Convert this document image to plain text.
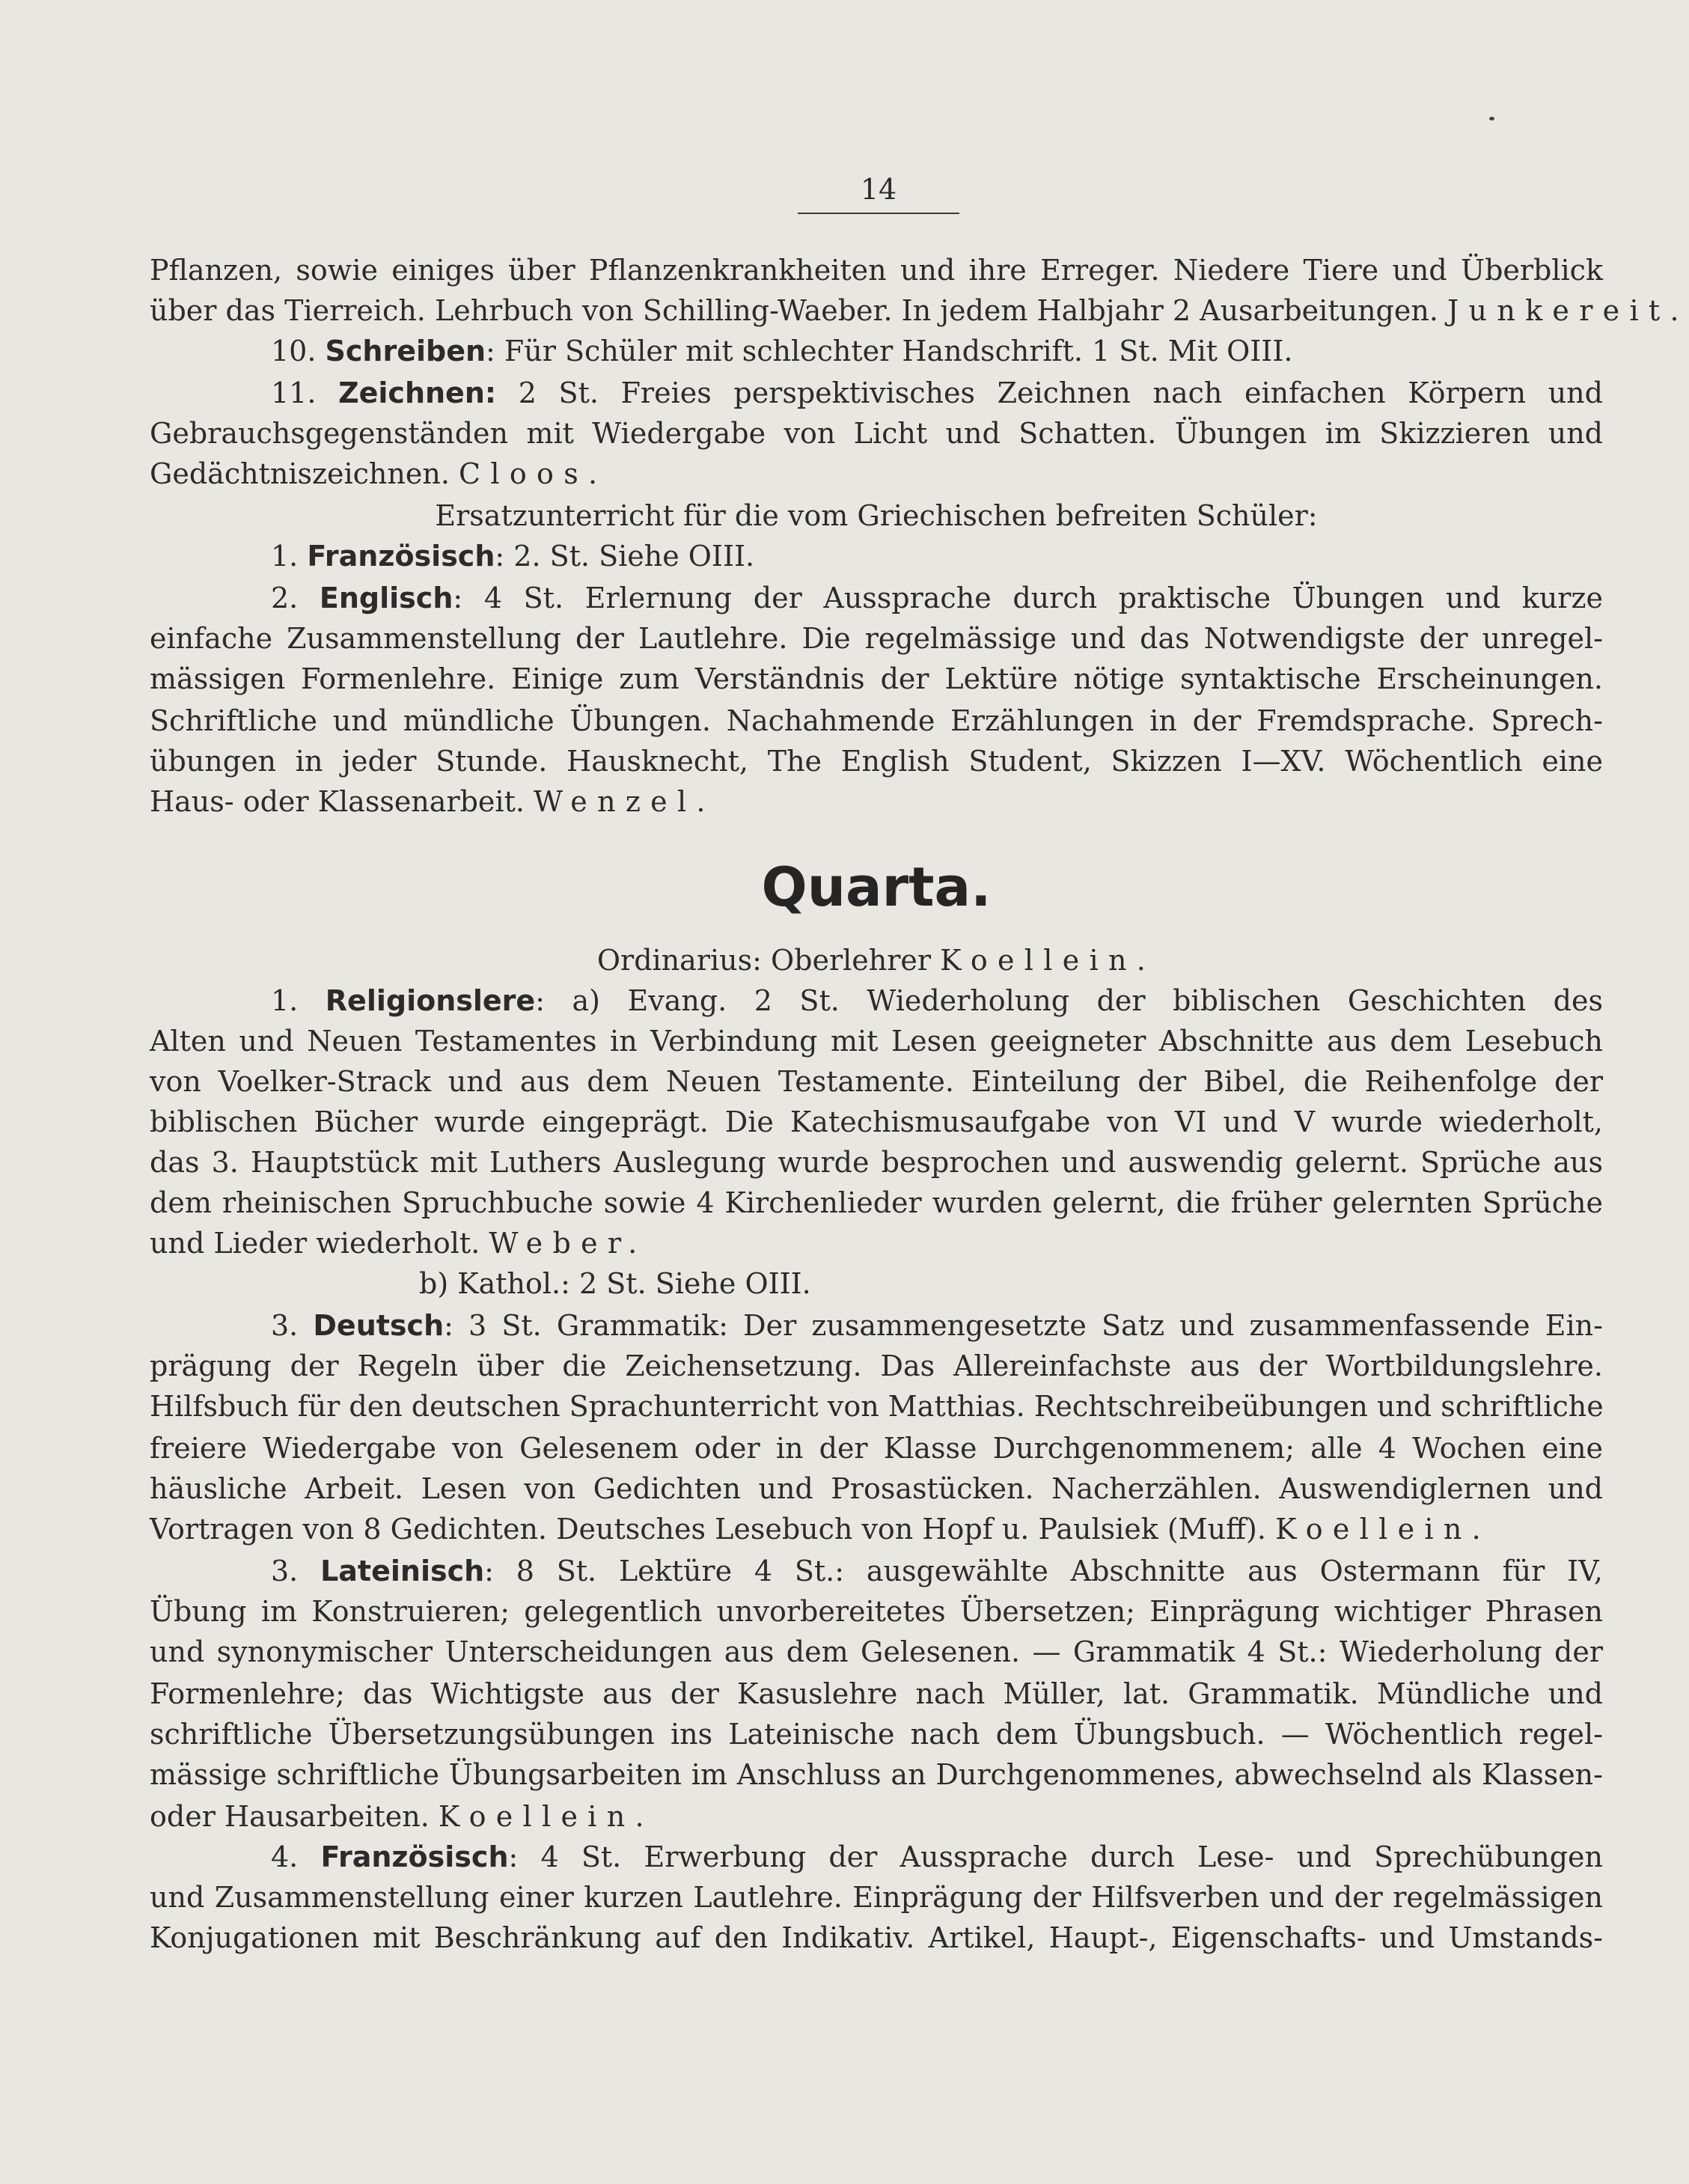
14
Pflanzen, sowie einiges über Pflanzenkrankheiten und ihre Erreger. Niedere Tiere und Überblick
über das Tierreich. Lehrbuch von Schilling-Waeber. In jedem Halbjahr 2 Ausarbeitungen. Junkereit.
10. Schreiben: Für Schüler mit schlechter Handschrift. 1 St. Mit OIII.
11. Zeichnen: 2 St. Freies perspektivisches Zeichnen nach einfachen Körpern und
Gebrauchsgegenständen mit Wiedergabe von Licht und Schatten. Übungen im Skizzieren und
Gedächtniszeichnen. Cloos.
Ersatzunterricht für die vom Griechischen befreiten Schüler:
1. Französisch: 2. St. Siehe OIII.
2. Englisch: 4 St. Erlernung der Aussprache durch praktische Übungen und kurze
einfache Zusammenstellung der Lautlehre. Die regelmässige und das Notwendigste der unregel-
mässigen Formenlehre. Einige zum Verständnis der Lektüre nötige syntaktische Erscheinungen.
Schriftliche und mündliche Übungen. Nachahmende Erzählungen in der Fremdsprache. Sprech-
übungen in jeder Stunde. Hausknecht, The English Student, Skizzen I—XV. Wöchentlich eine
Haus- oder Klassenarbeit. Wenzel.
Quarta.
Ordinarius: Oberlehrer Koellein.
1. Religionslere: a) Evang. 2 St. Wiederholung der biblischen Geschichten des
Alten und Neuen Testamentes in Verbindung mit Lesen geeigneter Abschnitte aus dem Lesebuch
von Voelker-Strack und aus dem Neuen Testamente. Einteilung der Bibel, die Reihenfolge der
biblischen Bücher wurde eingeprägt. Die Katechismusaufgabe von VI und V wurde wiederholt,
das 3. Hauptstück mit Luthers Auslegung wurde besprochen und auswendig gelernt. Sprüche aus
dem rheinischen Spruchbuche sowie 4 Kirchenlieder wurden gelernt, die früher gelernten Sprüche
und Lieder wiederholt. Weber.
b) Kathol.: 2 St. Siehe OIII.
3. Deutsch: 3 St. Grammatik: Der zusammengesetzte Satz und zusammenfassende Ein-
prägung der Regeln über die Zeichensetzung. Das Allereinfachste aus der Wortbildungslehre.
Hilfsbuch für den deutschen Sprachunterricht von Matthias. Rechtschreibeübungen und schriftliche
freiere Wiedergabe von Gelesenem oder in der Klasse Durchgenommenem; alle 4 Wochen eine
häusliche Arbeit. Lesen von Gedichten und Prosastücken. Nacherzählen. Auswendiglernen und
Vortragen von 8 Gedichten. Deutsches Lesebuch von Hopf u. Paulsiek (Muff). Koellein.
3. Lateinisch: 8 St. Lektüre 4 St.: ausgewählte Abschnitte aus Ostermann für IV,
Übung im Konstruieren; gelegentlich unvorbereitetes Übersetzen; Einprägung wichtiger Phrasen
und synonymischer Unterscheidungen aus dem Gelesenen. — Grammatik 4 St.: Wiederholung der
Formenlehre; das Wichtigste aus der Kasuslehre nach Müller, lat. Grammatik. Mündliche und
schriftliche Übersetzungsübungen ins Lateinische nach dem Übungsbuch. — Wöchentlich regel-
mässige schriftliche Übungsarbeiten im Anschluss an Durchgenommenes, abwechselnd als Klassen-
oder Hausarbeiten. Koellein.
4. Französisch: 4 St. Erwerbung der Aussprache durch Lese- und Sprechübungen
und Zusammenstellung einer kurzen Lautlehre. Einprägung der Hilfsverben und der regelmässigen
Konjugationen mit Beschränkung auf den Indikativ. Artikel, Haupt-, Eigenschafts- und Umstands-
